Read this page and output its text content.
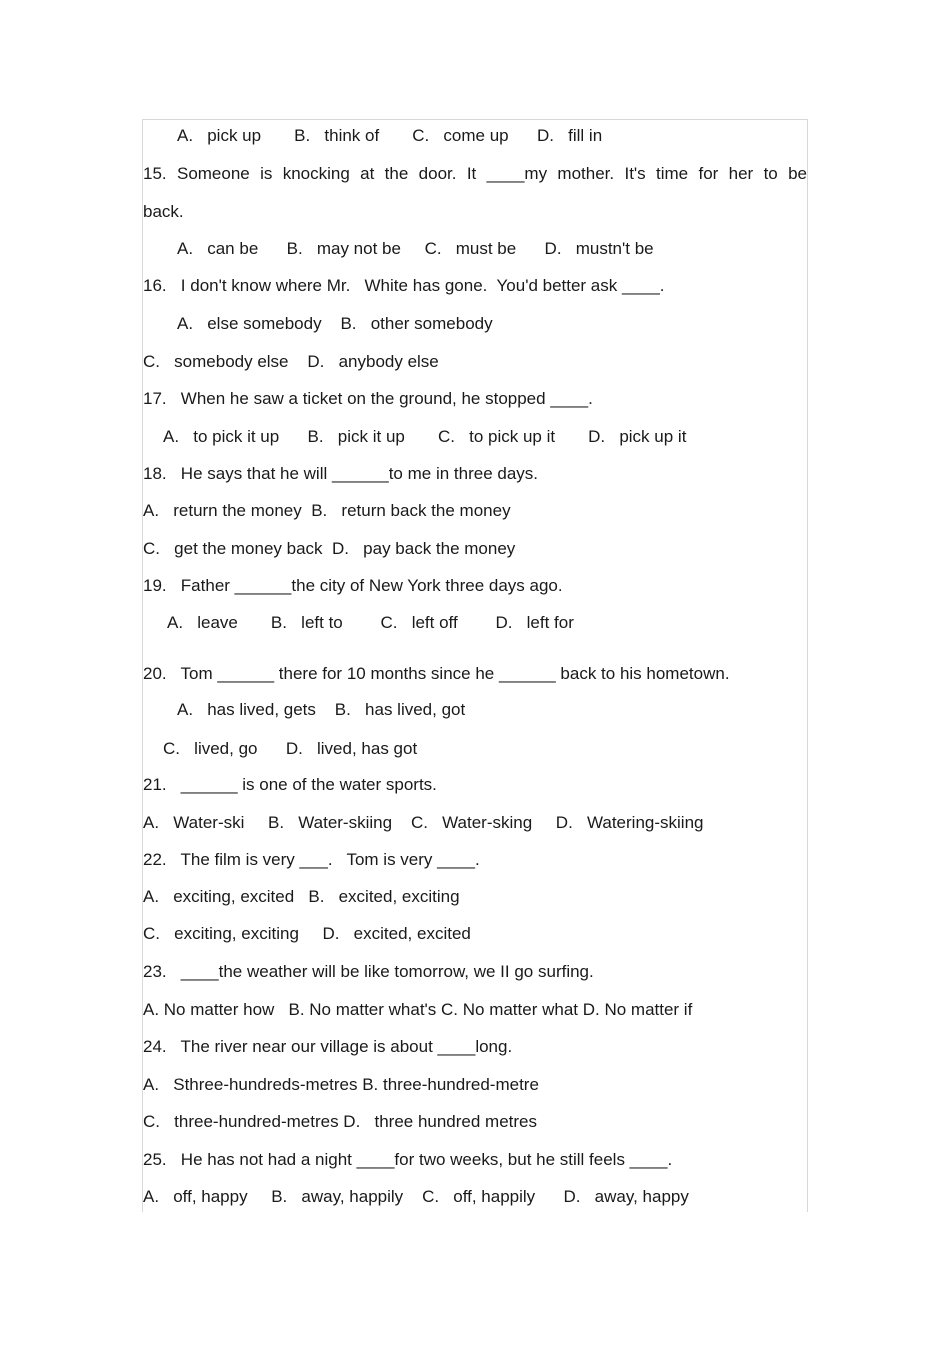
A.   pick up       B.   think of       C.   come up      D.   fill in
15. Someone is knocking at the door. It ____my mother. It's time for her to be
back.
A.   can be      B.   may not be     C.   must be      D.   mustn't be
16.   I don't know where Mr.   White has gone.  You'd better ask ____.
A.   else somebody    B.   other somebody
C.   somebody else    D.   anybody else
17.   When he saw a ticket on the ground, he stopped ____.
A.   to pick it up      B.   pick it up       C.   to pick up it       D.   pick up it
18.   He says that he will ______to me in three days.
A.   return the money  B.   return back the money
C.   get the money back  D.   pay back the money
19.   Father ______the city of New York three days ago.
A.   leave       B.   left to        C.   left off        D.   left for
20.   Tom ______ there for 10 months since he ______ back to his hometown.
A.   has lived, gets    B.   has lived, got
C.   lived, go      D.   lived, has got
21.   ______ is one of the water sports.
A.   Water-ski     B.   Water-skiing    C.   Water-sking     D.   Watering-skiing
22.   The film is very ___.   Tom is very ____.
A.   exciting, excited   B.   excited, exciting
C.   exciting, exciting     D.   excited, excited
23.   ____the weather will be like tomorrow, we II go surfing.
A. No matter how   B. No matter what's C. No matter what D. No matter if
24.   The river near our village is about ____long.
A.   Sthree-hundreds-metres B. three-hundred-metre
C.   three-hundred-metres D.   three hundred metres
25.   He has not had a night ____for two weeks, but he still feels ____.
A.   off, happy     B.   away, happily    C.   off, happily      D.   away, happy
